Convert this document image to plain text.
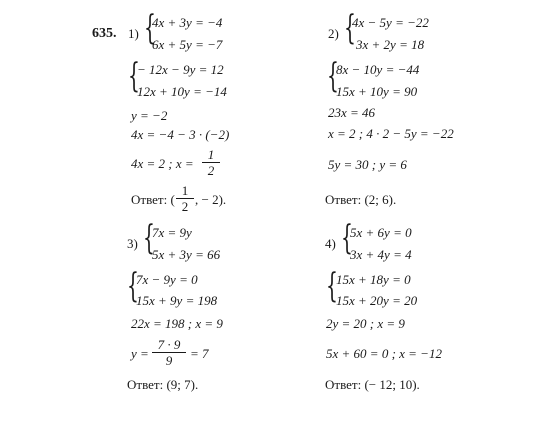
635. 1) {
4x + 3y = −4
6x + 5y = −7
{
− 12x − 9y = 12
12x + 10y = −14
y = −2
4x = −4 − 3 · (−2)
4x = 2 ; x =
1
2
Ответ: (
1
2 , − 2).
2) {
4x − 5y = −22
3x + 2y = 18
{
8x − 10y = −44
15x + 10y = 90
23x = 46
x = 2 ; 4 · 2 − 5y = −22
5y = 30 ; y = 6
Ответ: (2; 6).
3) {
7x = 9y
5x + 3y = 66
{
7x − 9y = 0
15x + 9y = 198
22x = 198 ; x = 9
y =
7 · 9
9	= 7
Ответ: (9; 7).
4) {
5x + 6y = 0
3x + 4y = 4
{
15x + 18y = 0
15x + 20y = 20
2y = 20 ; x = 9
5x + 60 = 0 ; x = −12
Ответ: (− 12; 10).
